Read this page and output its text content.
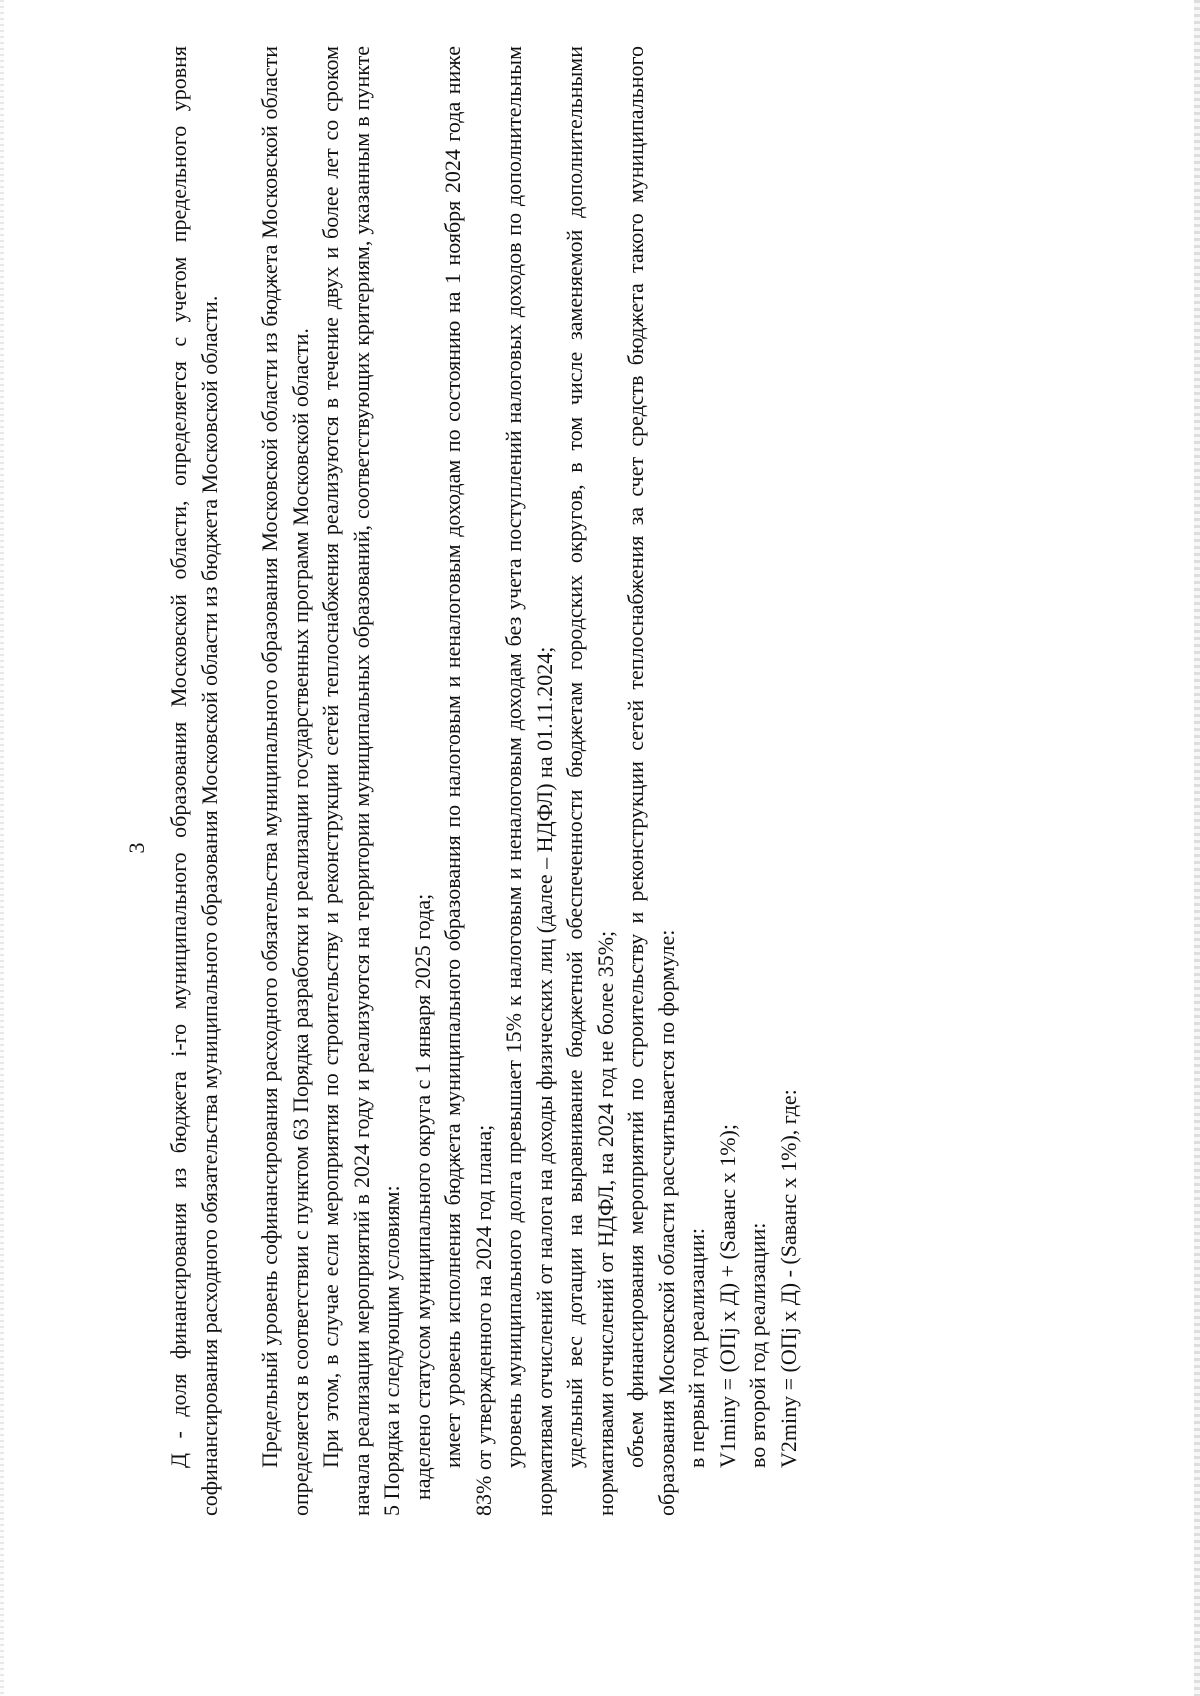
3 Д - доля финансирования из бюджета i-го муниципального образования Московской области, определяется с учетом предельного уровня софинансирования расходного обязательства муниципального образования Московской области из бюджета Московской области. Предельный уровень софинансирования расходного обязательства муниципального образования Московской области из бюджета Московской области определяется в соответствии с пунктом 63 Порядка разработки и реализации государственных программ Московской области. При этом, в случае если мероприятия по строительству и реконструкции сетей теплоснабжения реализуются в течение двух и более лет со сроком начала реализации мероприятий в 2024 году и реализуются на территории муниципальных образований, соответствующих критериям, указанным в пункте 5 Порядка и следующим условиям: наделено статусом муниципального округа с 1 января 2025 года; имеет уровень исполнения бюджета муниципального образования по налоговым и неналоговым доходам по состоянию на 1 ноября 2024 года ниже 83% от утвержденного на 2024 год плана; уровень муниципального долга превышает 15% к налоговым и неналоговым доходам без учета поступлений налоговых доходов по дополнительным нормативам отчислений от налога на доходы физических лиц (далее – НДФЛ) на 01.11.2024; удельный вес дотации на выравнивание бюджетной обеспеченности бюджетам городских округов, в том числе заменяемой дополнительными нормативами отчислений от НДФЛ, на 2024 год не более 35%; объем финансирования мероприятий по строительству и реконструкции сетей теплоснабжения за счет средств бюджета такого муниципального образования Московской области рассчитывается по формуле: в первый год реализации: V1miny = (ОПj х Д) + (Sаванс х 1%); во второй год реализации: V2miny = (ОПj х Д) - (Sаванс х 1%), где:
